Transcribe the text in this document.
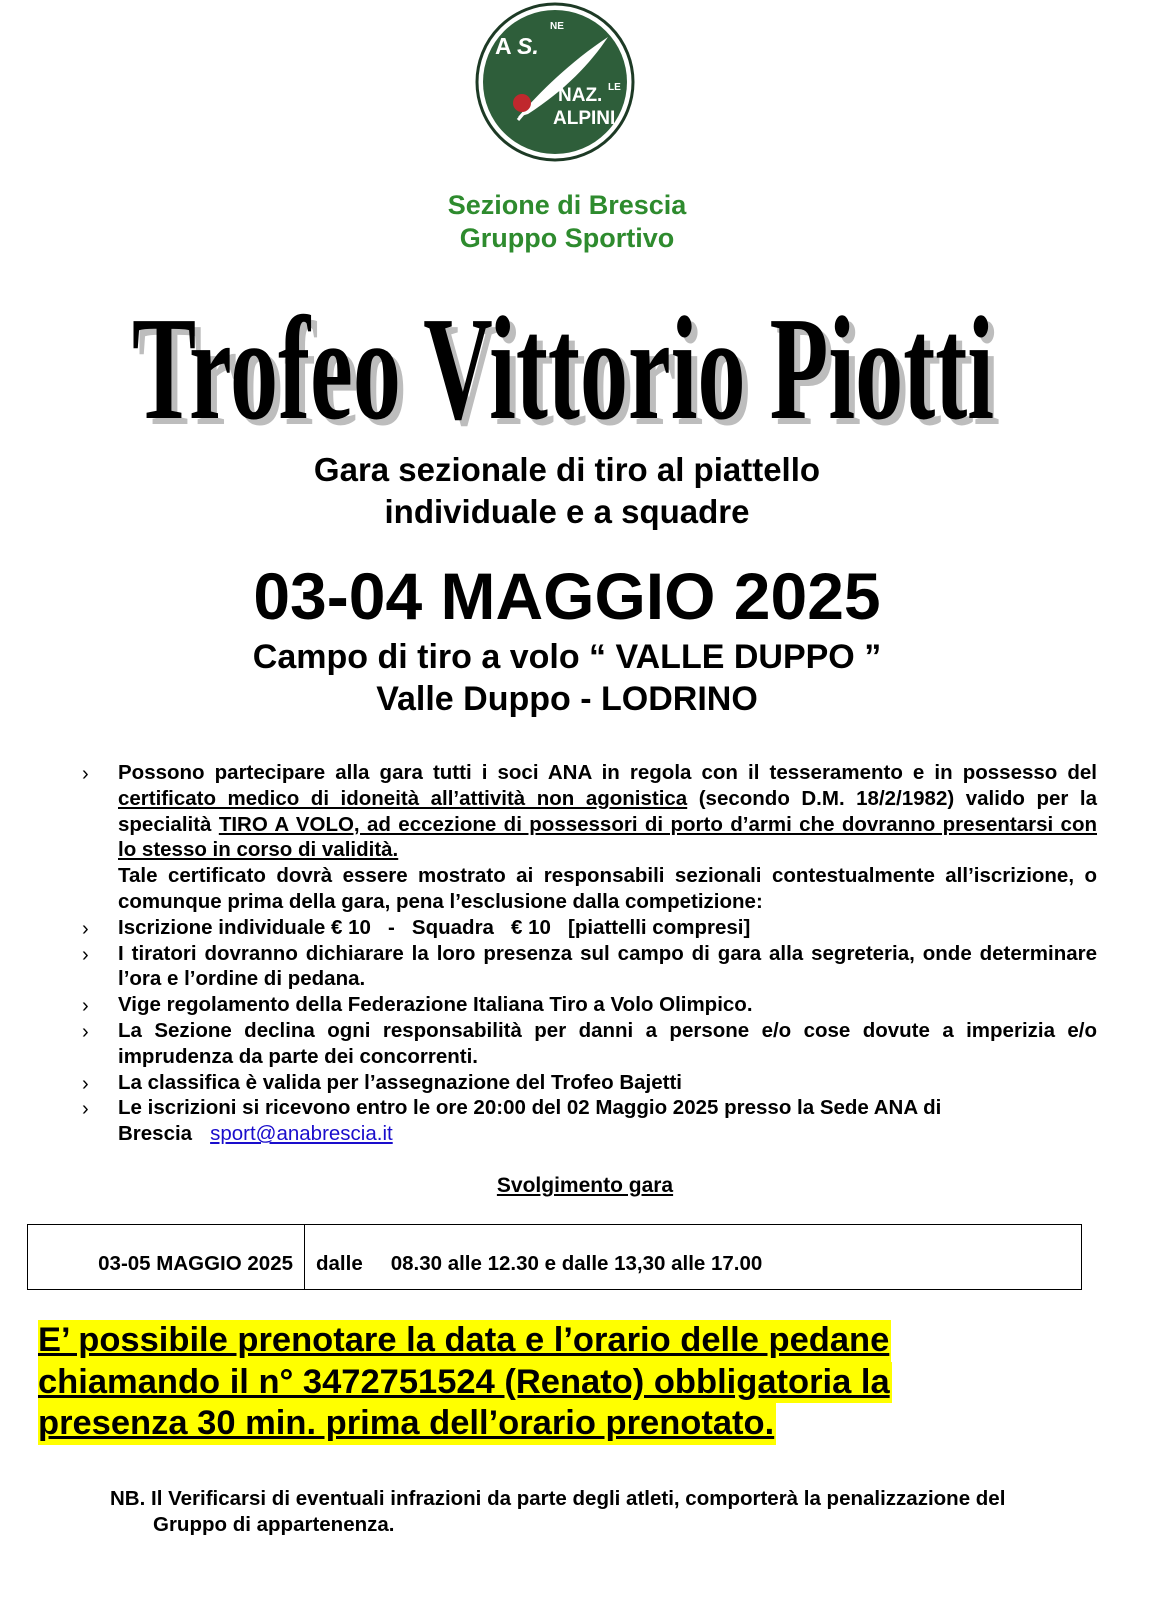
A S.
NE
NAZ. LE
ALPINI
Sezione di Brescia
Gruppo Sportivo
Trofeo Vittorio Piotti
Trofeo Vittorio Piotti
Gara sezionale di tiro al piattello
individuale e a squadre
03-04 MAGGIO 2025
Campo di tiro a volo “ VALLE DUPPO ”
Valle Duppo - LODRINO
› Possono partecipare alla gara tutti i soci ANA in regola con il tesseramento e in possesso del certificato medico di idoneità all’attività non agonistica (secondo D.M. 18/2/1982) valido per la specialità TIRO A VOLO, ad eccezione di possessori di porto d’armi che dovranno presentarsi con lo stesso in corso di validità.
Tale certificato dovrà essere mostrato ai responsabili sezionali contestualmente all’iscrizione, o comunque prima della gara, pena l’esclusione dalla competizione:
› Iscrizione individuale € 10   -   Squadra   € 10   [piattelli compresi]
› I tiratori dovranno dichiarare la loro presenza sul campo di gara alla segreteria, onde determinare l’ora e l’ordine di pedana.
› Vige regolamento della Federazione Italiana Tiro a Volo Olimpico.
› La Sezione declina ogni responsabilità per danni a persone e/o cose dovute a imperizia e/o imprudenza da parte dei concorrenti.
› La classifica è valida per l’assegnazione del Trofeo Bajetti
› Le iscrizioni si ricevono entro le ore 20:00 del 02 Maggio 2025 presso la Sede ANA di Brescia sport@anabrescia.it
Svolgimento gara
03-05 MAGGIO 2025	dalle 08.30 alle 12.30 e dalle 13,30 alle 17.00
E’ possibile prenotare la data e l’orario delle pedane
chiamando il n° 3472751524 (Renato) obbligatoria la
presenza 30 min. prima dell’orario prenotato.
NB. Il Verificarsi di eventuali infrazioni da parte degli atleti, comporterà la penalizzazione del
Gruppo di appartenenza.
